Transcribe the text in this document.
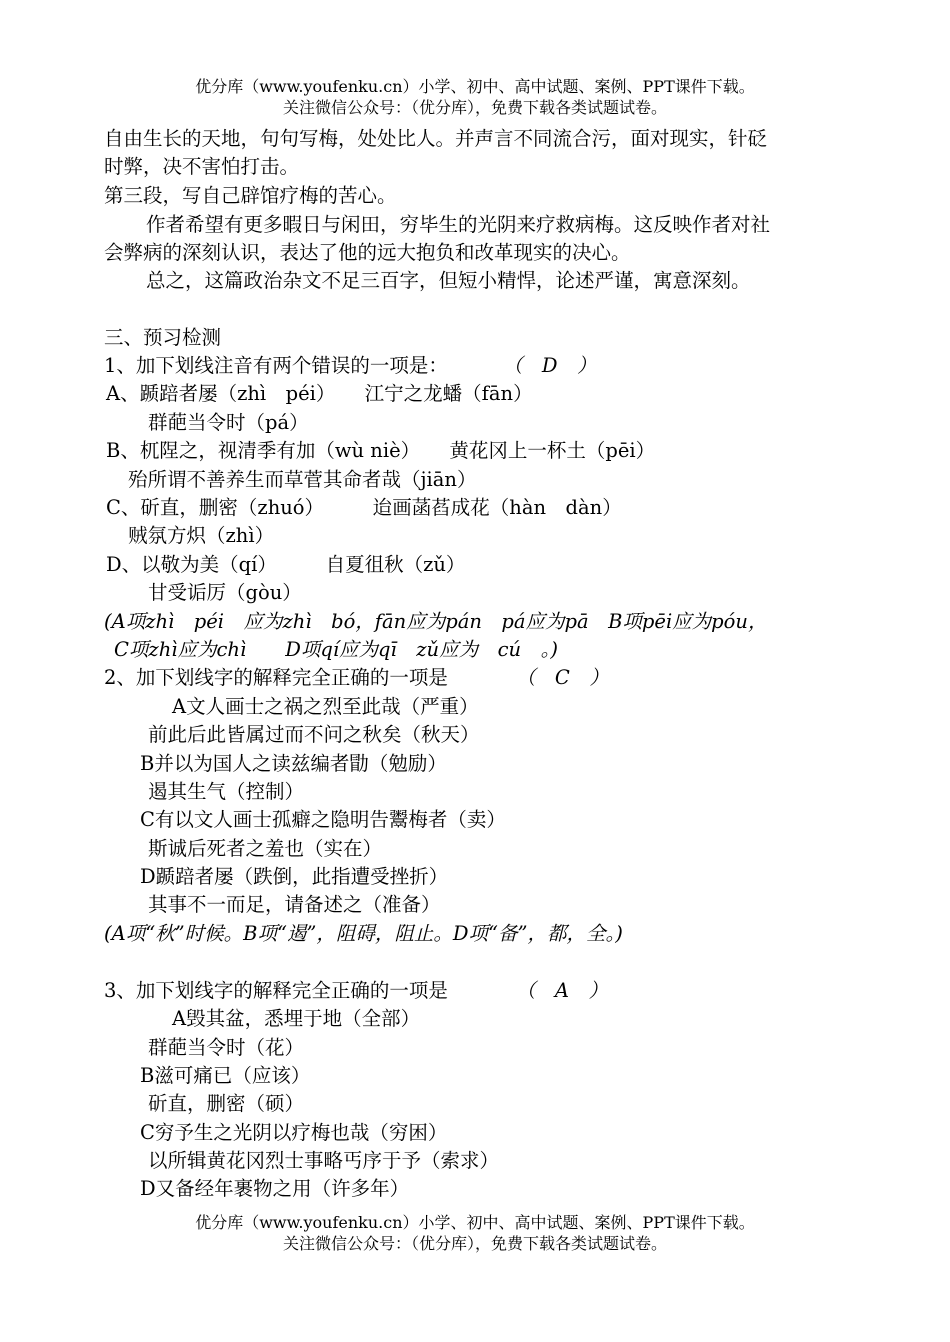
优分库（www.youfenku.cn）小学、初中、高中试题、案例、PPT课件下载。
关注微信公众号：（优分库），免费下载各类试题试卷。
自由生长的天地，句句写梅，处处比人。并声言不同流合污，面对现实，针砭
时弊，决不害怕打击。
第三段，写自己辟馆疗梅的苦心。
作者希望有更多暇日与闲田，穷毕生的光阴来疗救病梅。这反映作者对社
会弊病的深刻认识，表达了他的远大抱负和改革现实的决心。
总之，这篇政治杂文不足三百字，但短小精悍，论述严谨，寓意深刻。
三、预习检测
1、加下划线注音有两个错误的一项是：	（　D　）
A、踬踣者屡（zhì　péi）　　江宁之龙蟠（fān）
群葩当令时（pá）
B、杌陧之，视清季有加（wù niè）　　黄花冈上一杯土（pēi）
殆所谓不善养生而草菅其命者哉（jiān）
C、斫直，删密（zhuó）　　　迨画菡萏成花（hàn　dàn）
贼氛方炽（zhì）
D、以敬为美（qí）　　　自夏徂秋（zǔ）
甘受诟厉（gòu）
(A项zhì　péi　应为zhì　bó，fān应为pán　pá应为pā　B项pēi应为póu，
C项zhì应为chì　　D项qí应为qī　zǔ应为　cú　。)
2、加下划线字的解释完全正确的一项是	（　C　）
A文人画士之祸之烈至此哉（严重）
前此后此皆属过而不问之秋矣（秋天）
B并以为国人之读兹编者勖（勉励）
遏其生气（控制）
C有以文人画士孤癖之隐明告鬻梅者（卖）
斯诚后死者之羞也（实在）
D踬踣者屡（跌倒，此指遭受挫折）
其事不一而足，请备述之（准备）
(A项“秋”时候。B项“遏”，阻碍，阻止。D项“备”，都，全。)
3、加下划线字的解释完全正确的一项是	（　A　）
A毁其盆，悉埋于地（全部）
群葩当令时（花）
B滋可痛已（应该）
斫直，删密（硕）
C穷予生之光阴以疗梅也哉（穷困）
以所辑黄花冈烈士事略丐序于予（索求）
D又备经年裹物之用（许多年）
优分库（www.youfenku.cn）小学、初中、高中试题、案例、PPT课件下载。
关注微信公众号：（优分库），免费下载各类试题试卷。
